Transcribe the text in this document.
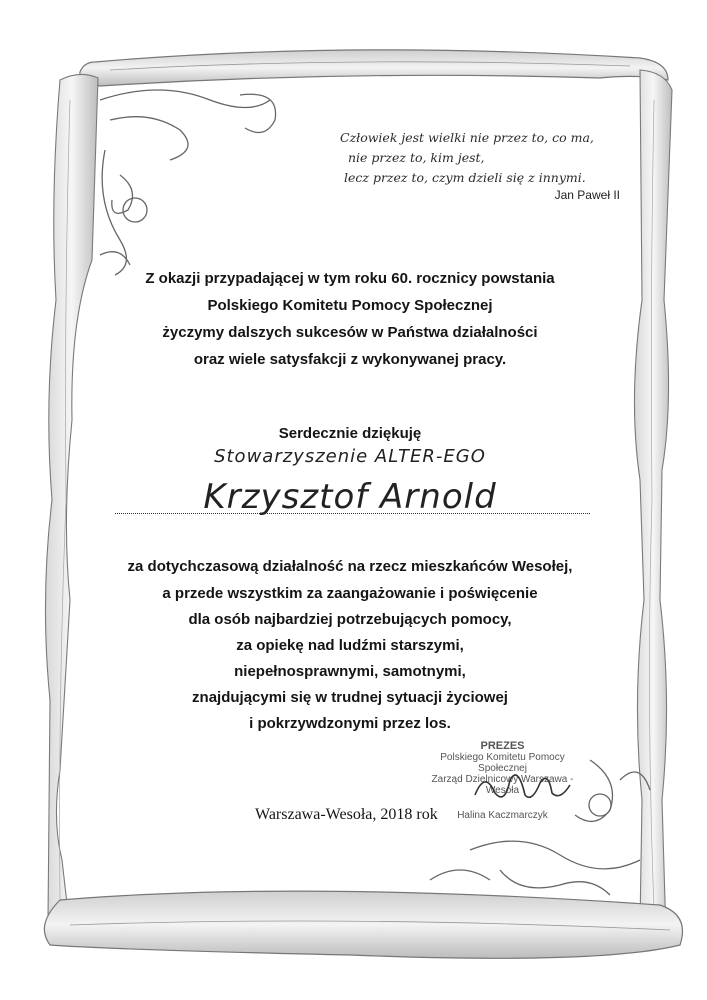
Człowiek jest wielki nie przez to, co ma,
nie przez to, kim jest,
lecz przez to, czym dzieli się z innymi.
Jan Paweł II
Z okazji przypadającej w tym roku 60. rocznicy powstania
Polskiego Komitetu Pomocy Społecznej
życzymy dalszych sukcesów w Państwa działalności
oraz wiele satysfakcji z wykonywanej pracy.
Serdecznie dziękuję
Stowarzyszenie ALTER-EGO
Krzysztof Arnold
za dotychczasową działalność na rzecz mieszkańców Wesołej,
a przede wszystkim za zaangażowanie i poświęcenie
dla osób najbardziej potrzebujących pomocy,
za opiekę nad ludźmi starszymi,
niepełnosprawnymi, samotnymi,
znajdującymi się w trudnej sytuacji życiowej
i pokrzywdzonymi przez los.
PREZES
Polskiego Komitetu Pomocy Społecznej
Zarząd Dzielnicowy Warszawa - Wesoła
Halina Kaczmarczyk
Warszawa-Wesoła, 2018 rok
